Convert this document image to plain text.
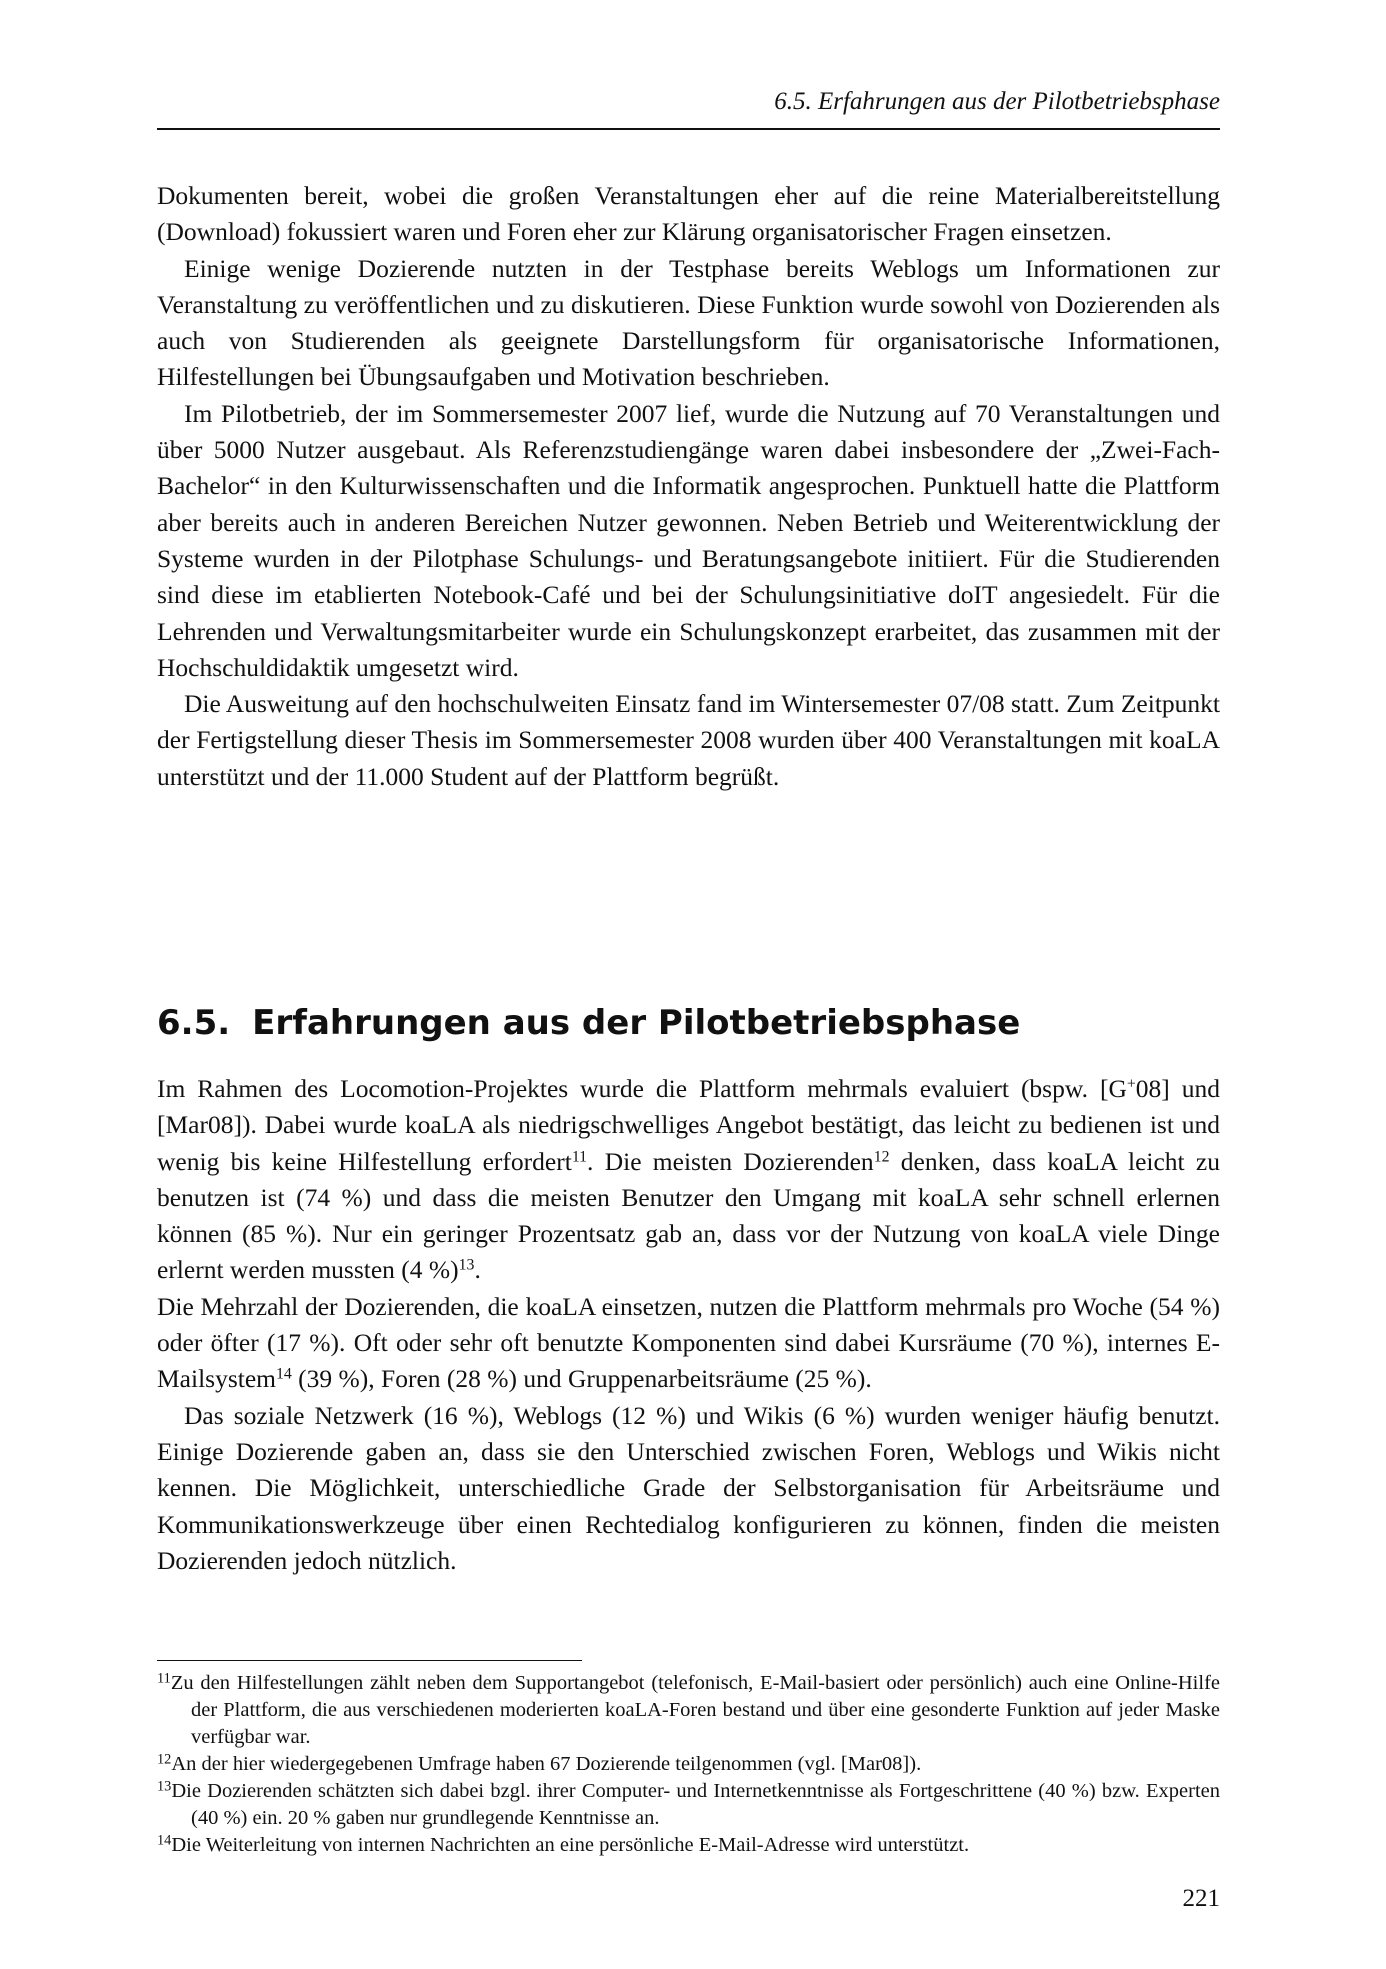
6.5. Erfahrungen aus der Pilotbetriebsphase

Dokumenten bereit, wobei die großen Veranstaltungen eher auf die reine Materialbereitstellung (Download) fokussiert waren und Foren eher zur Klärung organisatorischer Fragen einsetzen.

Einige wenige Dozierende nutzten in der Testphase bereits Weblogs um Informationen zur Veranstaltung zu veröffentlichen und zu diskutieren. Diese Funktion wurde sowohl von Dozierenden als auch von Studierenden als geeignete Darstellungsform für organisatorische Informationen, Hilfestellungen bei Übungsaufgaben und Motivation beschrieben.

Im Pilotbetrieb, der im Sommersemester 2007 lief, wurde die Nutzung auf 70 Veranstaltungen und über 5000 Nutzer ausgebaut. Als Referenzstudiengänge waren dabei insbesondere der „Zwei-Fach-Bachelor“ in den Kulturwissenschaften und die Informatik angesprochen. Punktuell hatte die Plattform aber bereits auch in anderen Bereichen Nutzer gewonnen. Neben Betrieb und Weiterentwicklung der Systeme wurden in der Pilotphase Schulungs- und Beratungsangebote initiiert. Für die Studierenden sind diese im etablierten Notebook-Café und bei der Schulungsinitiative doIT angesiedelt. Für die Lehrenden und Verwaltungsmitarbeiter wurde ein Schulungskonzept erarbeitet, das zusammen mit der Hochschuldidaktik umgesetzt wird.

Die Ausweitung auf den hochschulweiten Einsatz fand im Wintersemester 07/08 statt. Zum Zeitpunkt der Fertigstellung dieser Thesis im Sommersemester 2008 wurden über 400 Veranstaltungen mit koaLA unterstützt und der 11.000 Student auf der Plattform begrüßt.

6.5. Erfahrungen aus der Pilotbetriebsphase

Im Rahmen des Locomotion-Projektes wurde die Plattform mehrmals evaluiert (bspw. [G+08] und [Mar08]). Dabei wurde koaLA als niedrigschwelliges Angebot bestätigt, das leicht zu bedienen ist und wenig bis keine Hilfestellung erfordert$^{11}$. Die meisten Dozierenden$^{12}$ denken, dass koaLA leicht zu benutzen ist (74 %) und dass die meisten Benutzer den Umgang mit koaLA sehr schnell erlernen können (85 %). Nur ein geringer Prozentsatz gab an, dass vor der Nutzung von koaLA viele Dinge erlernt werden mussten (4 %)$^{13}$.

Die Mehrzahl der Dozierenden, die koaLA einsetzen, nutzen die Plattform mehrmals pro Woche (54 %) oder öfter (17 %). Oft oder sehr oft benutzte Komponenten sind dabei Kursräume (70 %), internes E-Mailsystem$^{14}$ (39 %), Foren (28 %) und Gruppenarbeitsräume (25 %).

Das soziale Netzwerk (16 %), Weblogs (12 %) und Wikis (6 %) wurden weniger häufig benutzt. Einige Dozierende gaben an, dass sie den Unterschied zwischen Foren, Weblogs und Wikis nicht kennen. Die Möglichkeit, unterschiedliche Grade der Selbstorganisation für Arbeitsräume und Kommunikationswerkzeuge über einen Rechtedialog konfigurieren zu können, finden die meisten Dozierenden jedoch nützlich.

$^{11}$Zu den Hilfestellungen zählt neben dem Supportangebot (telefonisch, E-Mail-basiert oder persönlich) auch eine Online-Hilfe der Plattform, die aus verschiedenen moderierten koaLA-Foren bestand und über eine gesonderte Funktion auf jeder Maske verfügbar war.

$^{12}$An der hier wiedergegebenen Umfrage haben 67 Dozierende teilgenommen (vgl. [Mar08]).

$^{13}$Die Dozierenden schätzten sich dabei bzgl. ihrer Computer- und Internetkenntnisse als Fortgeschrittene (40 %) bzw. Experten (40 %) ein. 20 % gaben nur grundlegende Kenntnisse an.

$^{14}$Die Weiterleitung von internen Nachrichten an eine persönliche E-Mail-Adresse wird unterstützt.

221
